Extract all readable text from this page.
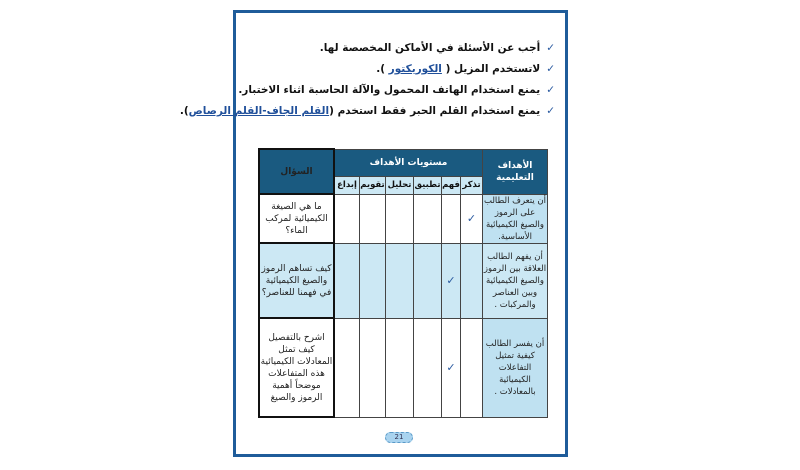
✓أجب عن الأسئلة في الأماكن المخصصة لها.
✓لاتستخدم المزيل ( الكوريكتور ).
✓يمنع استخدام الهاتف المحمول والآلة الحاسبة اثناء الاختبار.
✓يمنع استخدام القلم الحبر فقط استخدم (القلم الجاف-القلم الرصاص).
الأهداف التعليمية	مستويات الأهداف						السؤال
	تذكر	فهم	تطبيق	تحليل	تقويم	إبداع	
أن يتعرف الطالب على الرموز والصيغ الكيميائية الأساسية.	✓						ما هي الصيغة الكيميائية لمركب الماء؟
أن يفهم الطالب العلاقة بين الرموز والصيغ الكيميائية وبين العناصر والمركبات .		✓					كيف تساهم الرموز والصيغ الكيميائية في فهمنا للعناصر؟
أن يفسر الطالب كيفية تمثيل التفاعلات الكيميائية بالمعادلات .		✓					اشرح بالتفصيل كيف تمثل المعادلات الكيميائية هذه المتفاعلات موضحاً أهمية الرموز والصيغ
21
